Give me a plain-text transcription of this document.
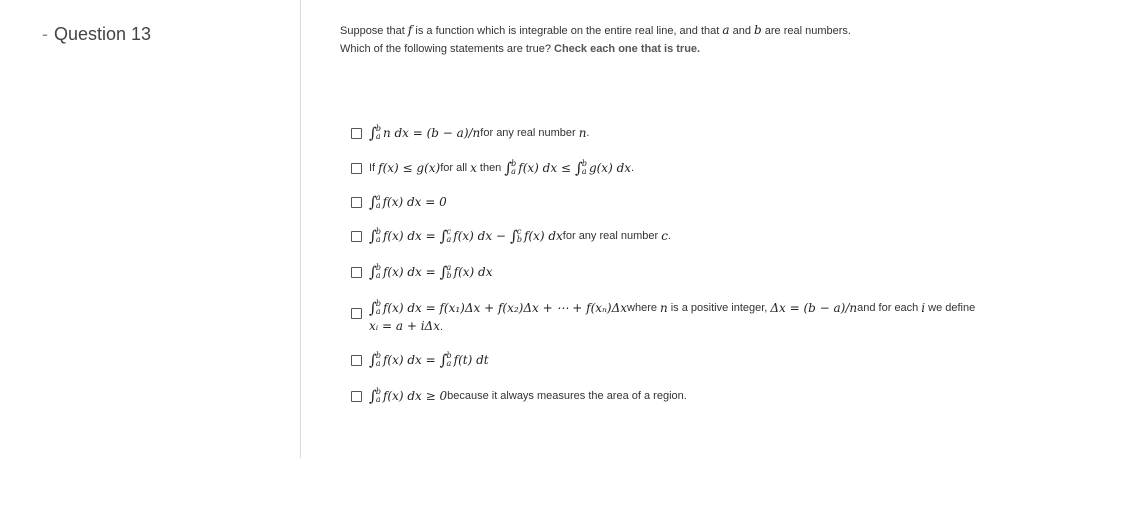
- Question 13	Suppose that f is a function which is integrable on the entire real line, and that a and b are real numbers.
Which of the following statements are true? Check each one that is true.
∫ b
a n dx = (b − a)/n for any real number n .
If f(x) ≤ g(x) for all x then ∫ b
a f(x) dx ≤ ∫ b
a g(x) dx .
∫ a
a f(x) dx = 0
∫ b
a f(x) dx = ∫ c
a f(x) dx − ∫ c
b f(x) dx for any real number c .
∫ b
a f(x) dx = ∫ a
b f(x) dx
∫ b
a f(x) dx = f(x₁)Δx + f(x₂)Δx + ⋯ + f(xₙ)Δx where n is a positive integer, Δx = (b − a)/n and for each i we define
xᵢ = a + iΔx.
∫ b
a f(x) dx = ∫ b
a f(t) dt
∫ b
a f(x) dx ≥ 0 because it always measures the area of a region.
